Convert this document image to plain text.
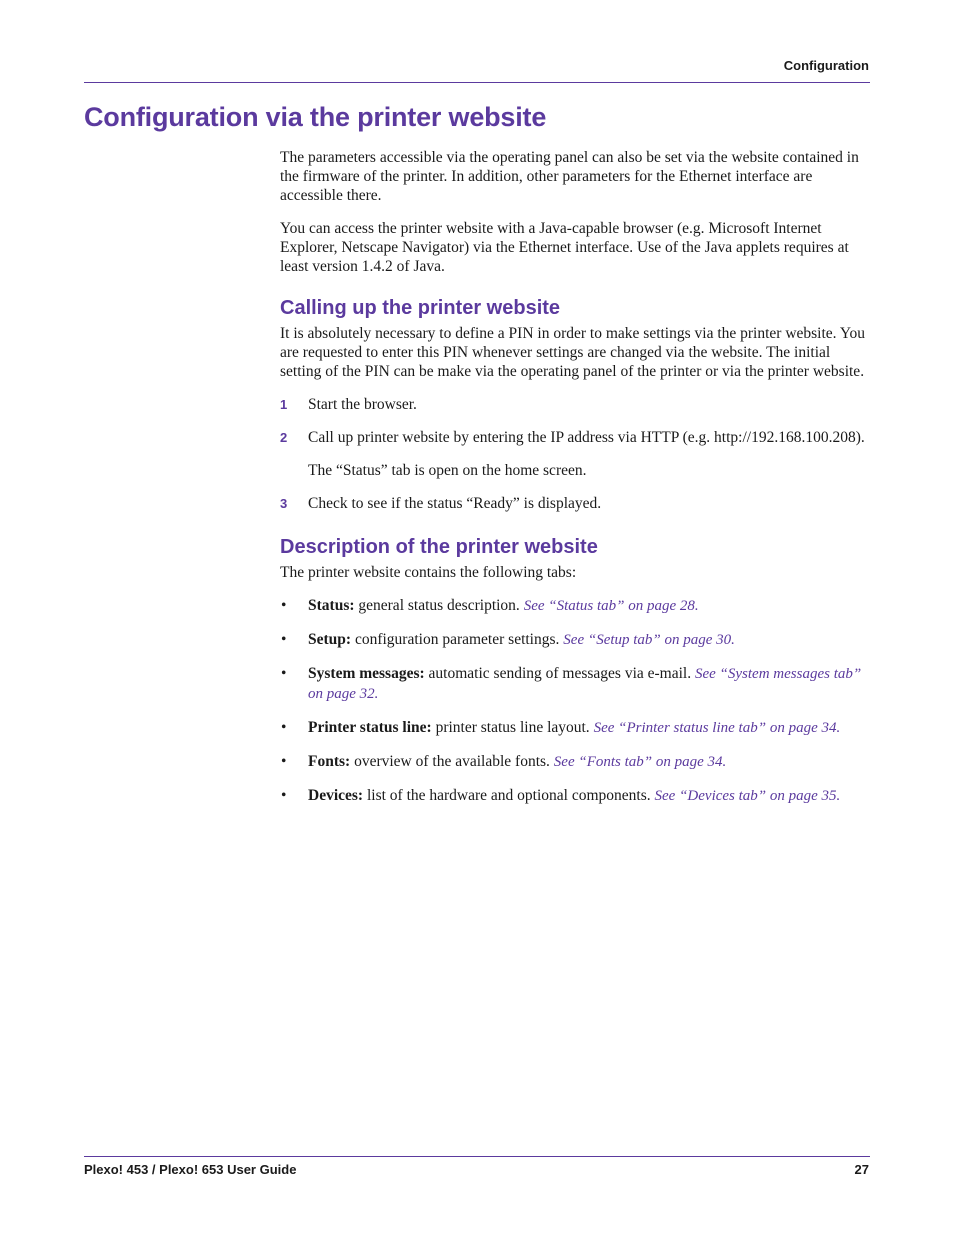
Configuration
Configuration via the printer website

The parameters accessible via the operating panel can also be set via the website contained in the firmware of the printer. In addition, other parameters for the Ethernet interface are accessible there.

You can access the printer website with a Java-capable browser (e.g. Microsoft Internet Explorer, Netscape Navigator) via the Ethernet interface. Use of the Java applets requires at least version 1.4.2 of Java.

Calling up the printer website

It is absolutely necessary to define a PIN in order to make settings via the printer website. You are requested to enter this PIN whenever settings are changed via the website. The initial setting of the PIN can be make via the operating panel of the printer or via the printer website.

1 Start the browser.
2 Call up printer website by entering the IP address via HTTP (e.g. http://192.168.100.208).
The “Status” tab is open on the home screen.
3 Check to see if the status “Ready” is displayed.
Description of the printer website

The printer website contains the following tabs:

• Status: general status description. See “Status tab” on page 28.
• Setup: configuration parameter settings. See “Setup tab” on page 30.
• System messages: automatic sending of messages via e-mail. See “System messages tab” on page 32.
• Printer status line: printer status line layout. See “Printer status line tab” on page 34.
• Fonts: overview of the available fonts. See “Fonts tab” on page 34.
• Devices: list of the hardware and optional components. See “Devices tab” on page 35.
Plexo! 453 / Plexo! 653 User Guide	27
